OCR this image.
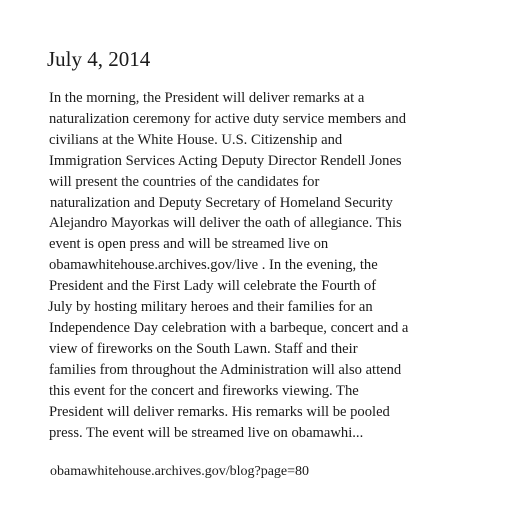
July 4, 2014

In the morning, the President will deliver remarks at a
naturalization ceremony for active duty service members and
civilians at the White House. U.S. Citizenship and
Immigration Services Acting Deputy Director Rendell Jones
will present the countries of the candidates for
naturalization and Deputy Secretary of Homeland Security
Alejandro Mayorkas will deliver the oath of allegiance. This
event is open press and will be streamed live on
obamawhitehouse.archives.gov/live . In the evening, the
President and the First Lady will celebrate the Fourth of
July by hosting military heroes and their families for an
Independence Day celebration with a barbeque, concert and a
view of fireworks on the South Lawn. Staff and their
families from throughout the Administration will also attend
this event for the concert and fireworks viewing. The
President will deliver remarks. His remarks will be pooled
press. The event will be streamed live on obamawhi...

obamawhitehouse.archives.gov/blog?page=80
